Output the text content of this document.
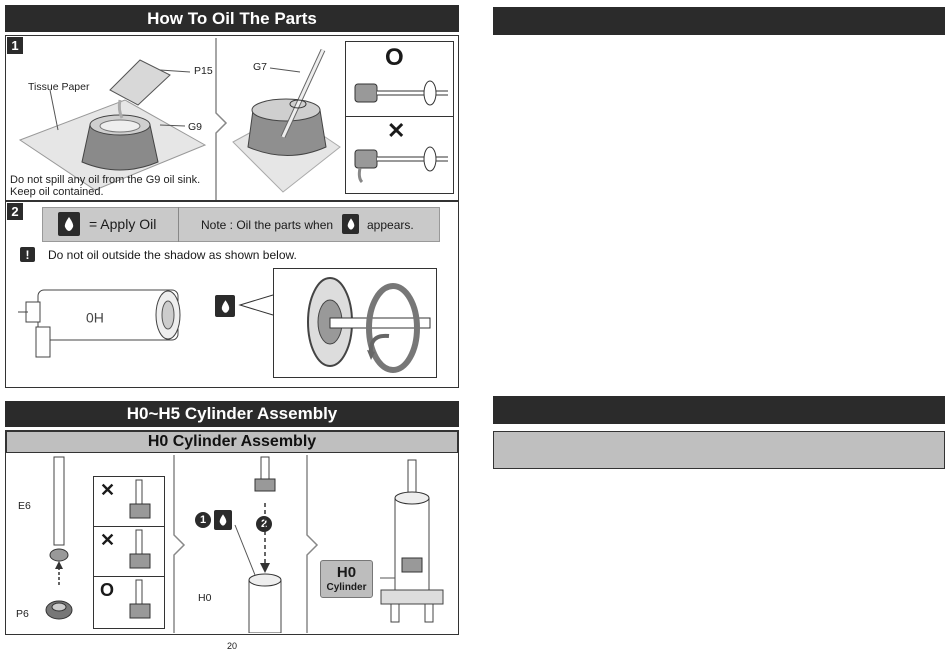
How To Oil The Parts
1
P15
Tissue Paper
G9
Do not spill any oil from the G9 oil sink.
Keep oil contained.
G7	O
✕
2
= Apply Oil	Note : Oil the parts when	appears.
! Do not oil outside the shadow as shown below.
H0
H0~H5 Cylinder Assembly
H0 Cylinder Assembly
E6
P6
✕
✕
O
1	2
H0
H0
Cylinder
20
